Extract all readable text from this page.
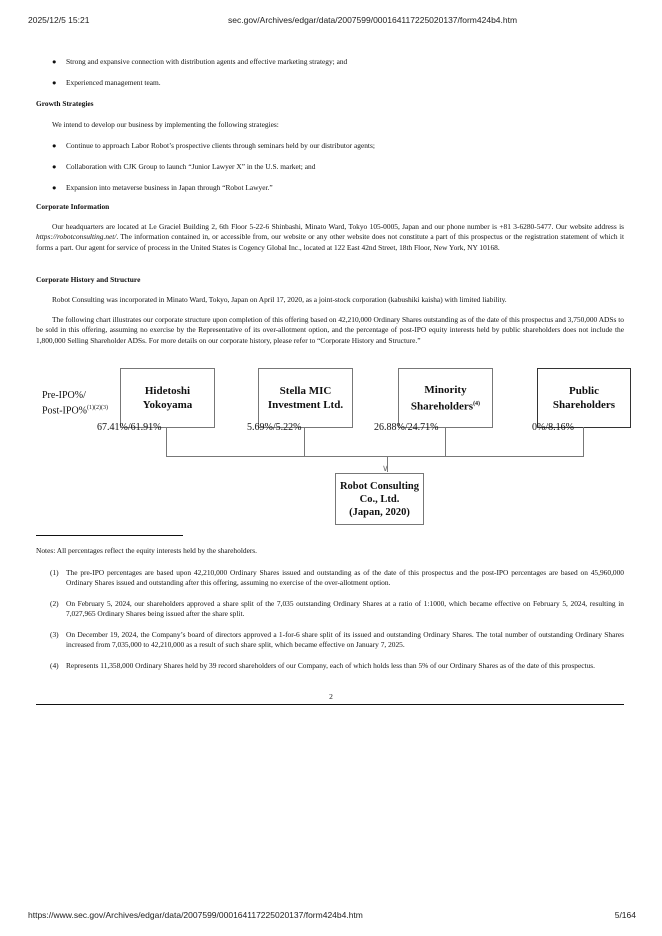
2025/12/5 15:21	sec.gov/Archives/edgar/data/2007599/000164117225020137/form424b4.htm
● Strong and expansive connection with distribution agents and effective marketing strategy; and
● Experienced management team.
Growth Strategies
We intend to develop our business by implementing the following strategies:
● Continue to approach Labor Robot’s prospective clients through seminars held by our distributor agents;
● Collaboration with CJK Group to launch “Junior Lawyer X” in the U.S. market; and
● Expansion into metaverse business in Japan through “Robot Lawyer.”
Corporate Information
Our headquarters are located at Le Graciel Building 2, 6th Floor 5-22-6 Shinbashi, Minato Ward, Tokyo 105-0005, Japan and our phone number is +81 3-6280-5477. Our website address is https://robotconsulting.net/. The information contained in, or accessible from, our website or any other website does not constitute a part of this prospectus or the registration statement of which it forms a part. Our agent for service of process in the United States is Cogency Global Inc., located at 122 East 42nd Street, 18th Floor, New York, NY 10168.
Corporate History and Structure
Robot Consulting was incorporated in Minato Ward, Tokyo, Japan on April 17, 2020, as a joint-stock corporation (kabushiki kaisha) with limited liability.
The following chart illustrates our corporate structure upon completion of this offering based on 42,210,000 Ordinary Shares outstanding as of the date of this prospectus and 3,750,000 ADSs to be sold in this offering, assuming no exercise by the Representative of its over-allotment option, and the percentage of post-IPO equity interests held by public shareholders does not include the 1,800,000 Selling Shareholder ADSs. For more details on our corporate history, please refer to “Corporate History and Structure.”
Pre-IPO%/
Post-IPO%$^{(1)(2)(3)}$
Hidetoshi
Yokoyama
Stella MIC
Investment Ltd.
Minority
Shareholders$^{(4)}$
Public
Shareholders
67.41%/61.91%	5.69%/5.22%	26.88%/24.71%	0%/8.16%
∨
Robot Consulting
Co., Ltd.
(Japan, 2020)
Notes: All percentages reflect the equity interests held by the shareholders.
(1) The pre-IPO percentages are based upon 42,210,000 Ordinary Shares issued and outstanding as of the date of this prospectus and the post-IPO percentages are based on 45,960,000 Ordinary Shares issued and outstanding after this offering, assuming no exercise of the over-allotment option.
(2) On February 5, 2024, our shareholders approved a share split of the 7,035 outstanding Ordinary Shares at a ratio of 1:1000, which became effective on February 5, 2024, resulting in 7,027,965 Ordinary Shares being issued after the share split.
(3) On December 19, 2024, the Company’s board of directors approved a 1-for-6 share split of its issued and outstanding Ordinary Shares. The total number of outstanding Ordinary Shares increased from 7,035,000 to 42,210,000 as a result of such share split, which became effective on January 7, 2025.
(4) Represents 11,358,000 Ordinary Shares held by 39 record shareholders of our Company, each of which holds less than 5% of our Ordinary Shares as of the date of this prospectus.
2
https://www.sec.gov/Archives/edgar/data/2007599/000164117225020137/form424b4.htm	5/164
